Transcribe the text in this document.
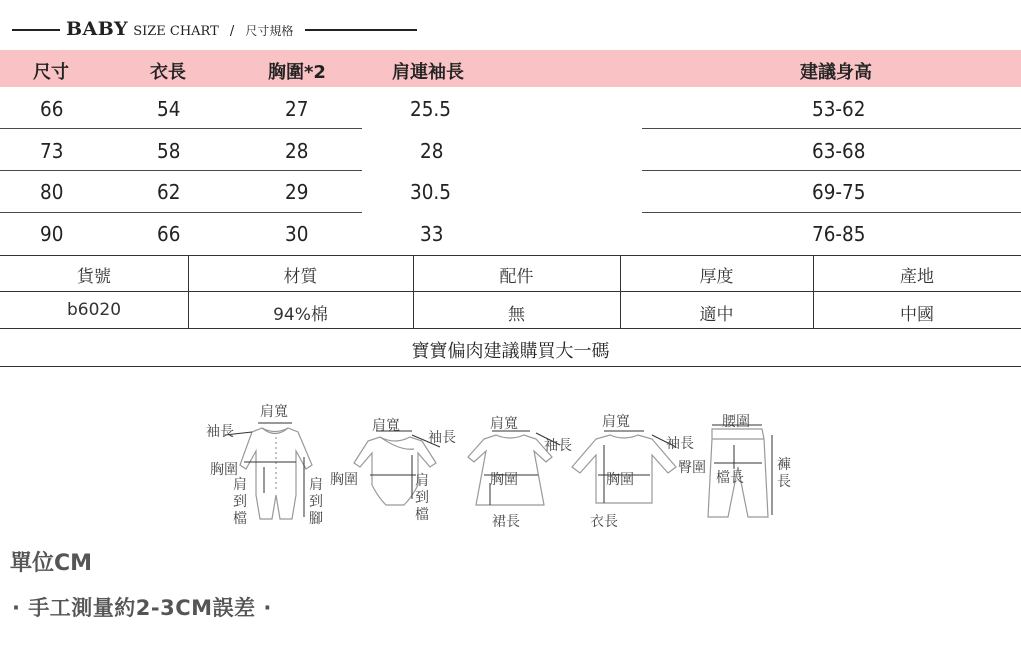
BABY SIZE CHART / 尺寸規格
尺寸	衣長	胸圍*2	肩連袖長	建議身高
66	54	27	25.5	53-62
73	58	28	28	63-68
80	62	29	30.5	69-75
90	66	30	33	76-85
貨號	材質	配件	厚度	產地
b6020	94%棉	無	適中	中國
寶寶偏肉建議購買大一碼
肩寬
袖長
胸圍
肩到檔
肩到腳
肩寬
袖長
胸圍	肩到檔
肩寬
袖長
胸圍
裙長
肩寬
袖長
胸圍
衣長
腰圍
臀圍
檔長
褲長
單位CM
· 手工測量約2-3CM誤差 ·
